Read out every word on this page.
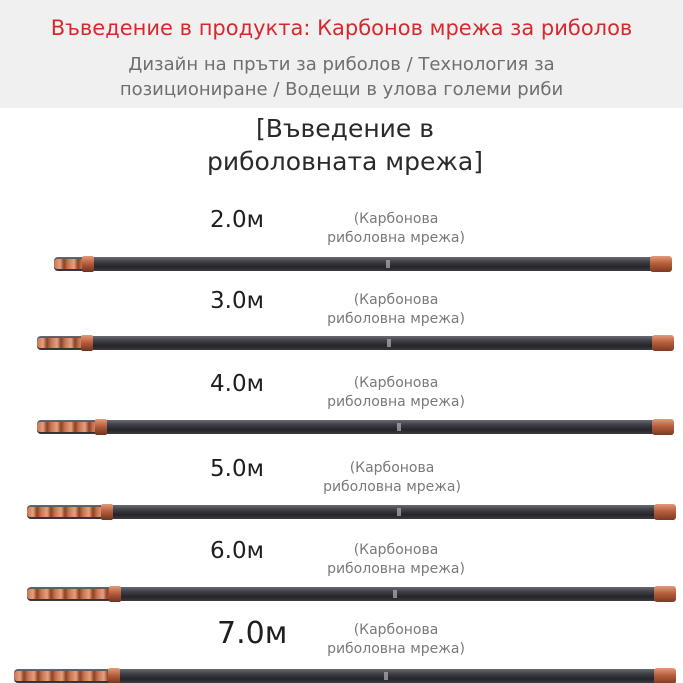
Въведение в продукта: Карбонов мрежа за риболов
Дизайн на пръти за риболов / Технология за
позициониране / Водещи в улова големи риби
[Въведение в
риболовната мрежа]
2.0м	(Карбонова
риболовна мрежа)
3.0м	(Карбонова
риболовна мрежа)
4.0м	(Карбонова
риболовна мрежа)
5.0м	(Карбонова
риболовна мрежа)
6.0м	(Карбонова
риболовна мрежа)
7.0м	(Карбонова
риболовна мрежа)
